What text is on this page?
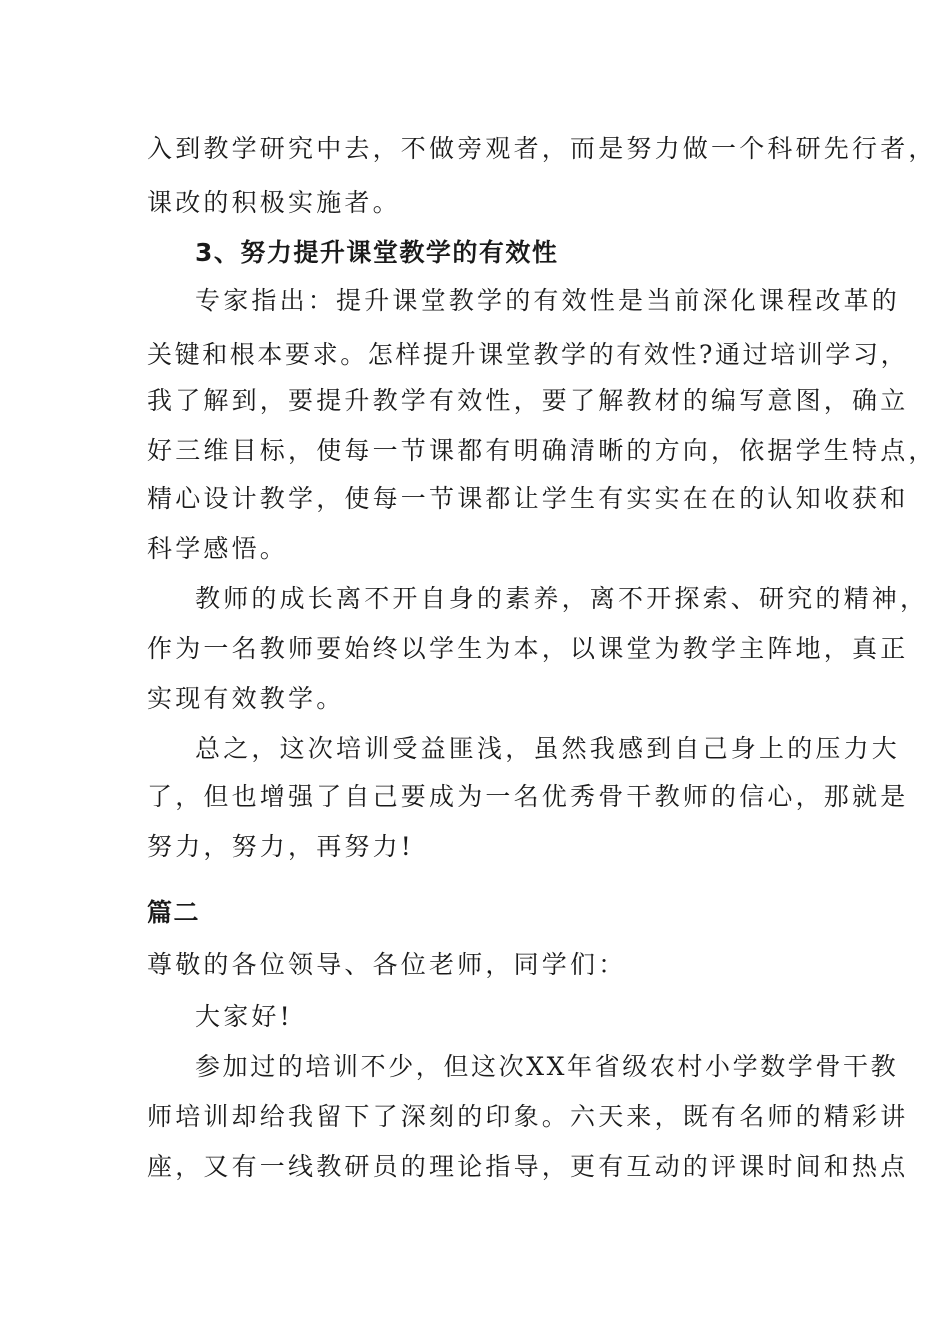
入到教学研究中去，不做旁观者，而是努力做一个科研先行者，
课改的积极实施者。
3、努力提升课堂教学的有效性
专家指出：提升课堂教学的有效性是当前深化课程改革的
关键和根本要求。怎样提升课堂教学的有效性?通过培训学习，
我了解到，要提升教学有效性，要了解教材的编写意图，确立
好三维目标，使每一节课都有明确清晰的方向，依据学生特点，
精心设计教学，使每一节课都让学生有实实在在的认知收获和
科学感悟。
教师的成长离不开自身的素养，离不开探索、研究的精神，
作为一名教师要始终以学生为本，以课堂为教学主阵地，真正
实现有效教学。
总之，这次培训受益匪浅，虽然我感到自己身上的压力大
了，但也增强了自己要成为一名优秀骨干教师的信心，那就是
努力，努力，再努力!
篇二
尊敬的各位领导、各位老师，同学们：
大家好!
参加过的培训不少，但这次XX年省级农村小学数学骨干教
师培训却给我留下了深刻的印象。六天来，既有名师的精彩讲
座，又有一线教研员的理论指导，更有互动的评课时间和热点
